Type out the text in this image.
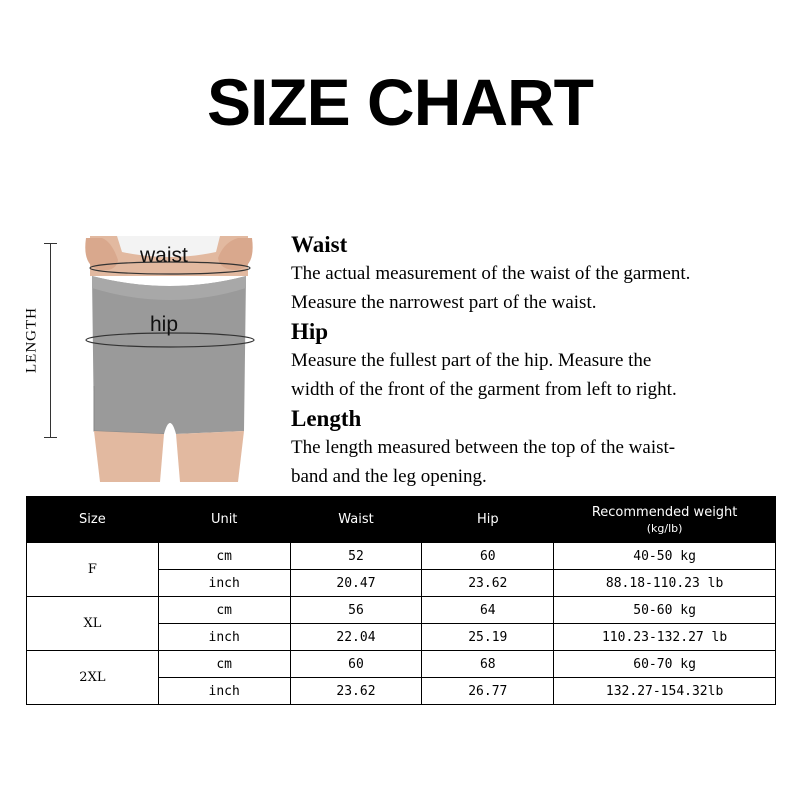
SIZE CHART
waist
hip
LENGTH
Waist

The actual measurement of the waist of the garment.

Measure the narrowest part of the waist.

Hip

Measure the fullest part of the hip. Measure the

width of the front of the garment from left to right.

Length

The length measured between the top of the waist-

band and the leg opening.

Size	Unit	Waist	Hip	Recommended weight
(kg/lb)

F	cm	52	60	40-50 kg
	inch	20.47	23.62	88.18-110.23 lb
XL	cm	56	64	50-60 kg
	inch	22.04	25.19	110.23-132.27 lb
2XL	cm	60	68	60-70 kg
	inch	23.62	26.77	132.27-154.32lb
